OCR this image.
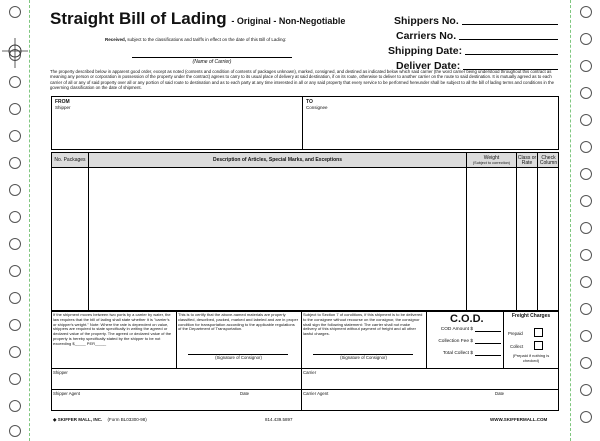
Straight Bill of Lading - Original - Non-Negotiable
Received, subject to the classifications and tariffs in effect on the date of this Bill of Lading:
(Name of Carrier)
Shippers No.
Carriers No.
Shipping Date:
Deliver Date:
The property described below in apparent good order, except as noted (contents and condition of contents of packages unknown), marked, consigned, and destined as indicated below which said carrier (the word carrier being understood throughout this contract as meaning any person or corporation in possession of the property under the contract) agrees to carry to its usual place of delivery at said destination, if on its route, otherwise to deliver to another carrier on the route to said destination. It is mutually agreed as to each carrier of all or any of said property over all or any portion of said route to destination and as to each party at any time interested in all or any said property that every service to be performed hereunder shall be subject to all the bill of lading terms and conditions in the governing classification on the date of shipment.
FROM
Shipper
TO
Consignee
No. Packages	Description of Articles, Special Marks, and Exceptions	Weight
(Subject to correction)
Class or Rate
Check Column
If the shipment moves between two ports by a carrier by water, the law requires that the bill of lading shall state whether it is "carrier's or shipper's weight." Note: Where the rate is dependent on value, shippers are required to state specifically in writing the agreed or declared value of the property. The agreed or declared value of the property is hereby specifically stated by the shipper to be not exceeding $_____ PER_____
This is to certify that the above-named materials are properly classified, described, packed, marked and labeled and are in proper condition for transportation according to the applicable regulations of the Department of Transportation.
(Signature of Consignor)
Subject to Section 7 of conditions, if this shipment is to be delivered to the consignee without recourse on the consignor, the consignor shall sign the following statement: The carrier shall not make delivery of this shipment without payment of freight and all other lawful charges.
(Signature of Consignor)
C.O.D.
COD Amount $
Collection Fee $
Total Collect $
Freight Charges
Prepaid
Collect
(Prepaid if nothing is checked)
Shipper	Carrier
Shipper Agent	Date	Carrier Agent	Date
◆ SKIFFER MALL, INC. (Form BL03300-98)	814.439.5897	WWW.SKIFFERMALL.COM
